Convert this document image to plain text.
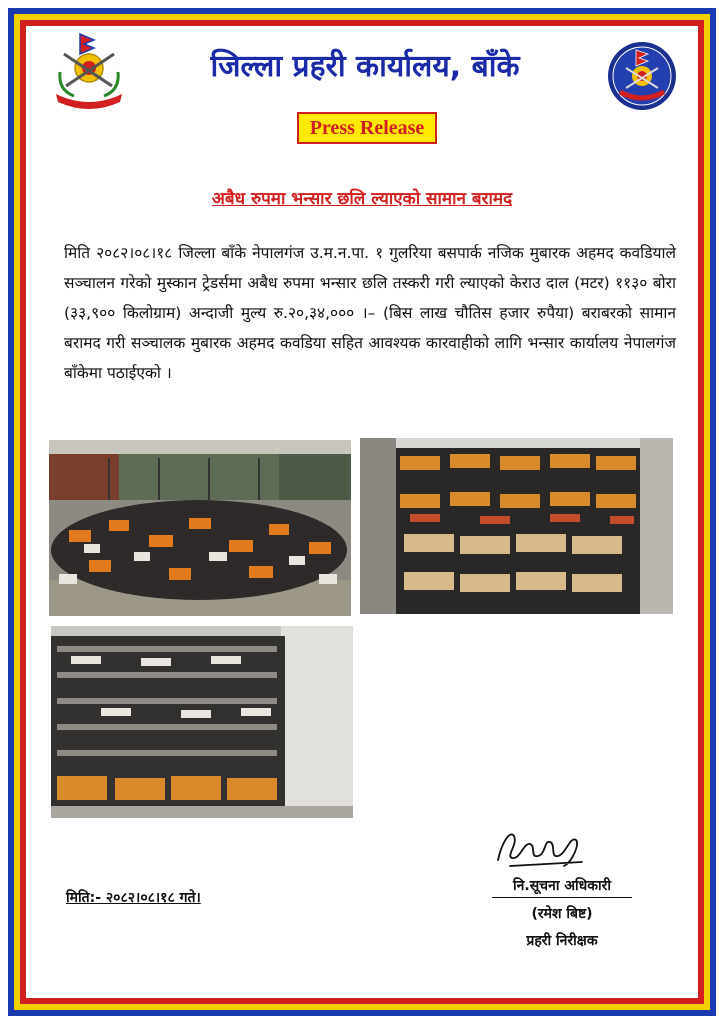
जिल्ला प्रहरी कार्यालय, बाँके
Press Release
अबैध रुपमा भन्सार छलि ल्याएको सामान बरामद

मिति २०८२।०८।१८ जिल्ला बाँके नेपालगंज उ.म.न.पा. १ गुलरिया बसपार्क नजिक मुबारक अहमद कवडियाले सञ्चालन गरेको मुस्कान ट्रेडर्समा अबैध रुपमा भन्सार छलि तस्करी गरी ल्याएको केराउ दाल (मटर) ११३० बोरा (३३,९०० किलोग्राम) अन्दाजी मुल्य रु.२०,३४,००० ।– (बिस लाख चौतिस हजार रुपैया) बराबरको सामान बरामद गरी सञ्चालक मुबारक अहमद कवडिया सहित आवश्यक कारवाहीको लागि भन्सार कार्यालय नेपालगंज बाँकेमा पठाईएको ।

नि.सूचना अधिकारी
(रमेश बिष्ट)
प्रहरी निरीक्षक
मिति:- २०८२।०८।१८ गते।
